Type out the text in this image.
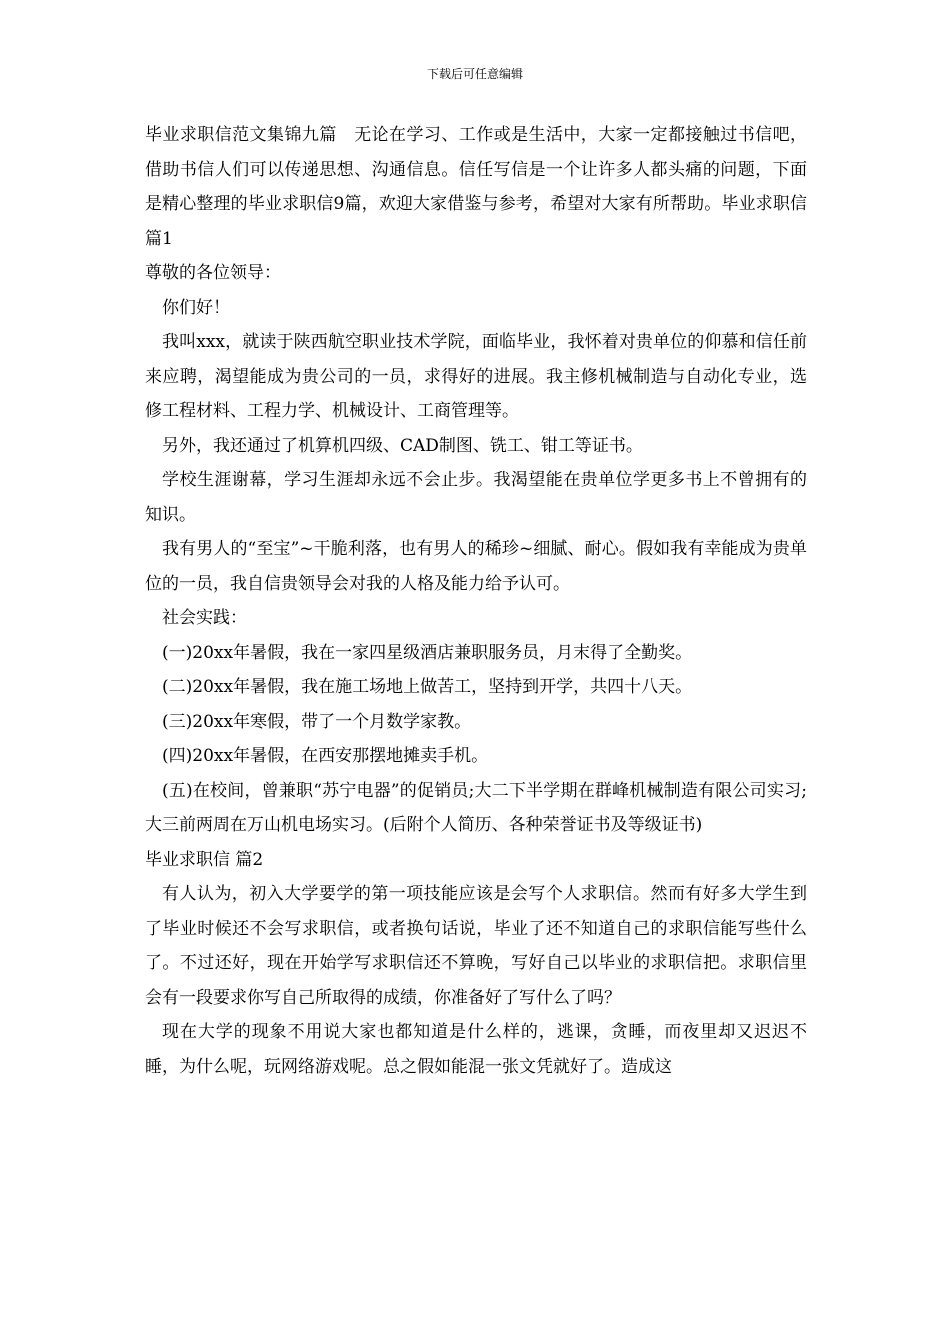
下载后可任意编辑

毕业求职信范文集锦九篇　无论在学习、工作或是生活中，大家一定都接触过书信吧，借助书信人们可以传递思想、沟通信息。信任写信是一个让许多人都头痛的问题，下面是精心整理的毕业求职信9篇，欢迎大家借鉴与参考，希望对大家有所帮助。毕业求职信 篇1

尊敬的各位领导：

你们好！

我叫xxx，就读于陕西航空职业技术学院，面临毕业，我怀着对贵单位的仰慕和信任前来应聘，渴望能成为贵公司的一员，求得好的进展。我主修机械制造与自动化专业，选修工程材料、工程力学、机械设计、工商管理等。

另外，我还通过了机算机四级、CAD制图、铣工、钳工等证书。

学校生涯谢幕，学习生涯却永远不会止步。我渴望能在贵单位学更多书上不曾拥有的知识。

我有男人的“至宝”~干脆利落，也有男人的稀珍~细腻、耐心。假如我有幸能成为贵单位的一员，我自信贵领导会对我的人格及能力给予认可。

社会实践：

(一)20xx年暑假，我在一家四星级酒店兼职服务员，月末得了全勤奖。

(二)20xx年暑假，我在施工场地上做苦工，坚持到开学，共四十八天。

(三)20xx年寒假，带了一个月数学家教。

(四)20xx年暑假，在西安那摆地摊卖手机。

(五)在校间，曾兼职“苏宁电器”的促销员;大二下半学期在群峰机械制造有限公司实习;大三前两周在万山机电场实习。(后附个人简历、各种荣誉证书及等级证书)

毕业求职信 篇2

有人认为，初入大学要学的第一项技能应该是会写个人求职信。然而有好多大学生到了毕业时候还不会写求职信，或者换句话说，毕业了还不知道自己的求职信能写些什么了。不过还好，现在开始学写求职信还不算晚，写好自己以毕业的求职信把。求职信里会有一段要求你写自己所取得的成绩，你准备好了写什么了吗？

现在大学的现象不用说大家也都知道是什么样的，逃课，贪睡，而夜里却又迟迟不睡，为什么呢，玩网络游戏呢。总之假如能混一张文凭就好了。造成这
